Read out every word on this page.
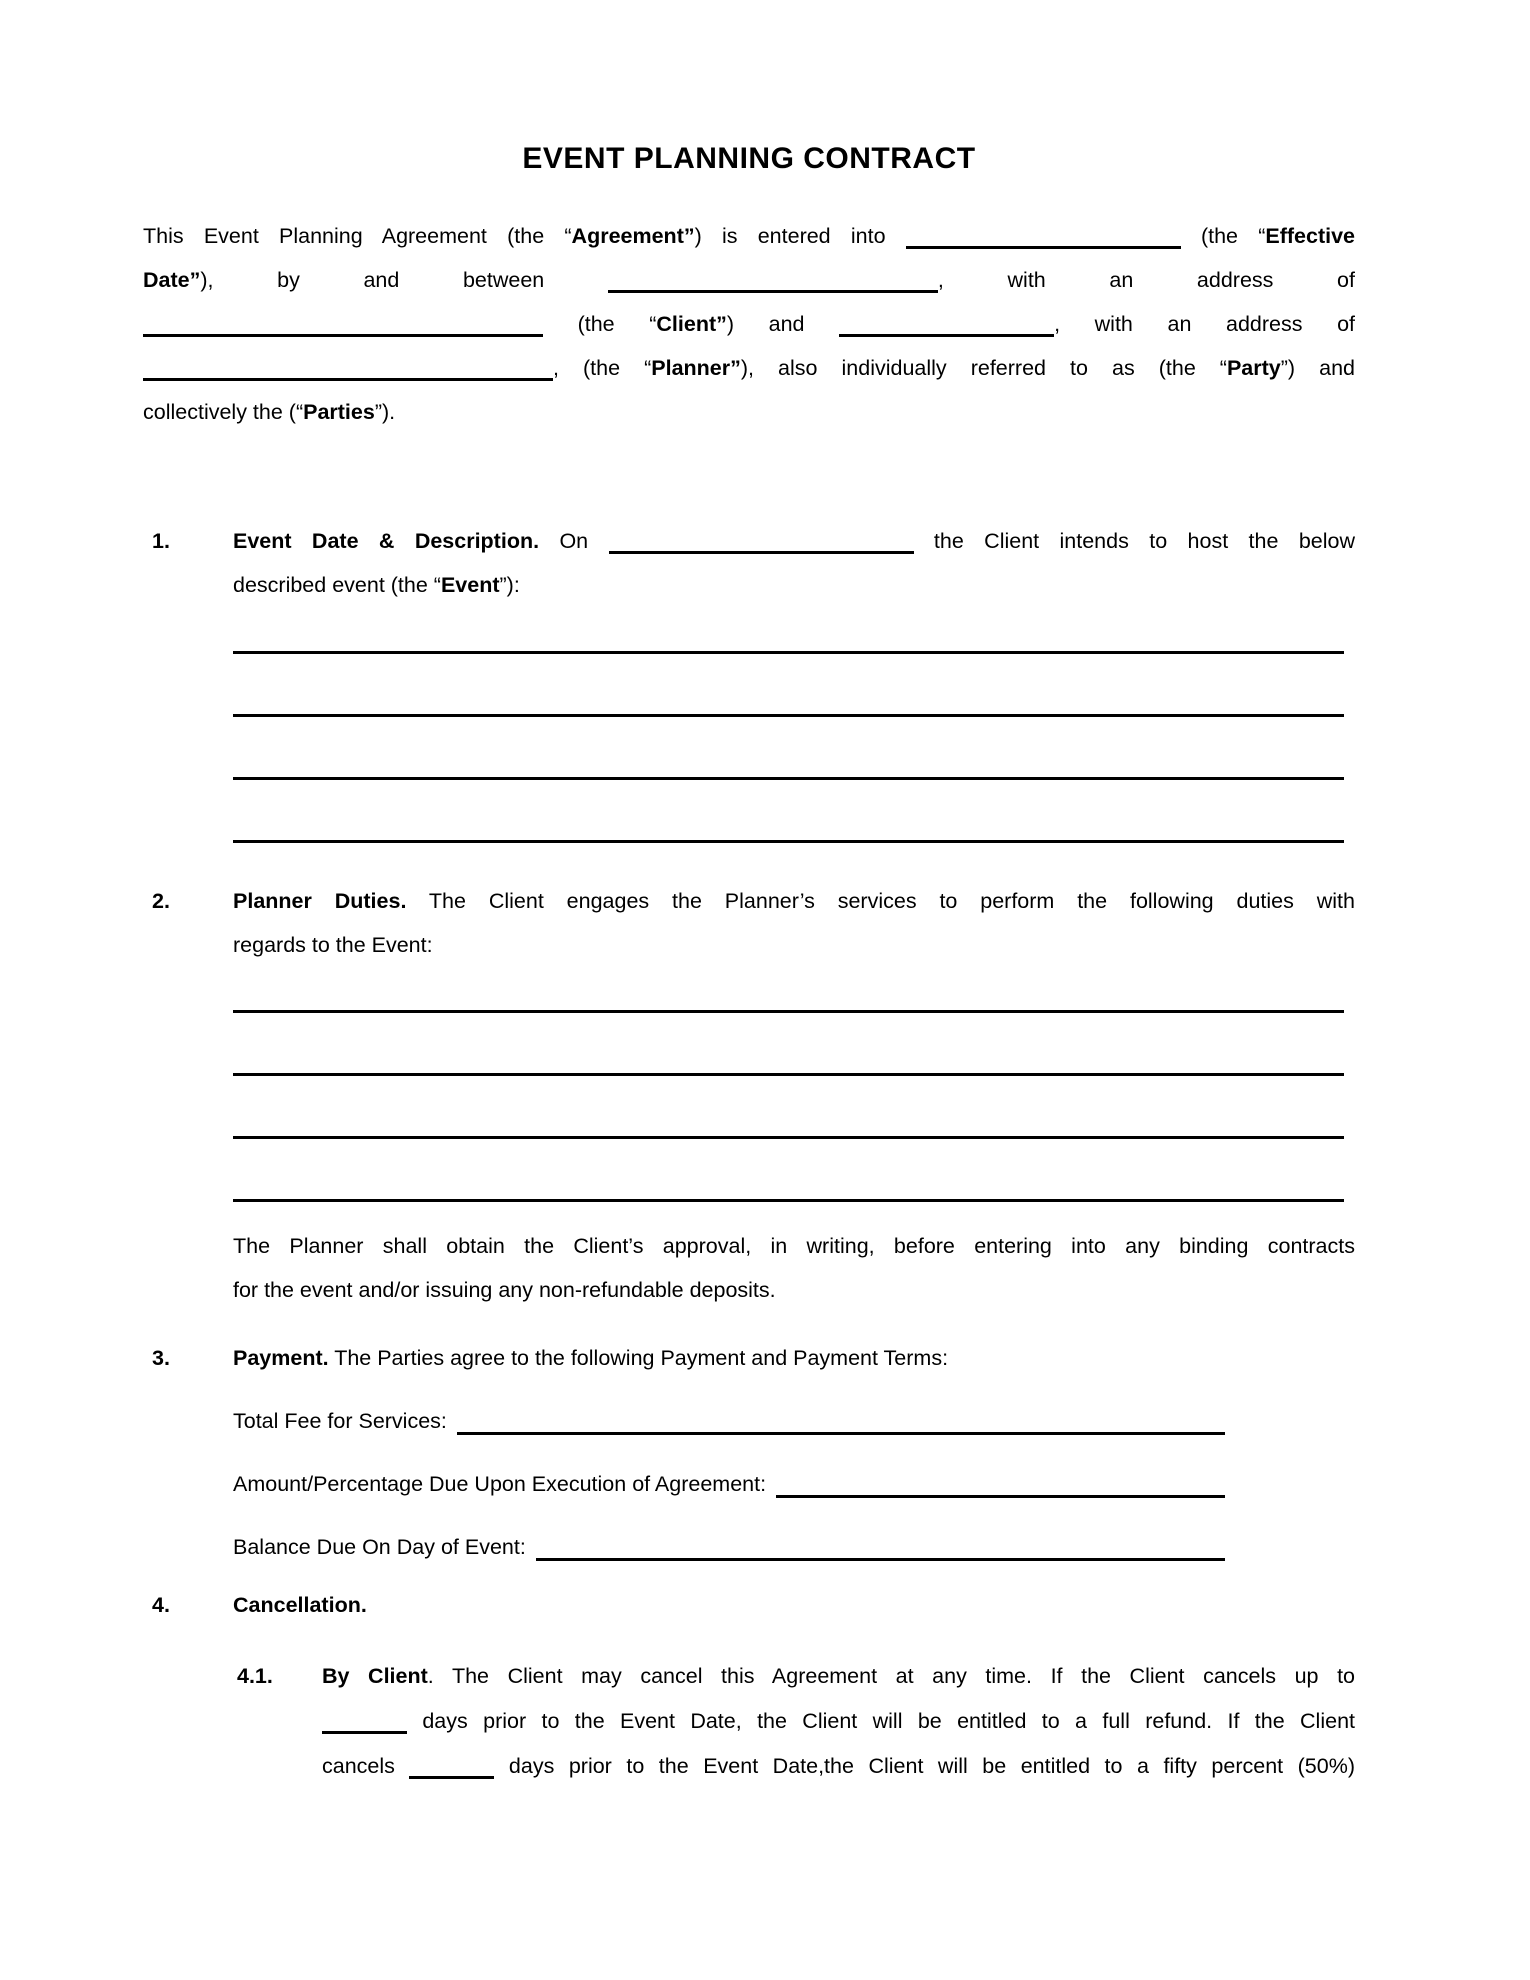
EVENT PLANNING CONTRACT
This Event Planning Agreement (the “Agreement”) is entered into	(the “Effective
Date”), by and between	, with an address of
(the “Client”) and	, with an address of
, (the “Planner”), also individually referred to as (the “Party”) and
collectively the (“Parties”).
1.	Event Date & Description. On	the Client intends to host the below
described event (the “Event”):
2.	Planner Duties. The Client engages the Planner’s services to perform the following duties with
regards to the Event:
The Planner shall obtain the Client’s approval, in writing, before entering into any binding contracts
for the event and/or issuing any non-refundable deposits.
3.	Payment. The Parties agree to the following Payment and Payment Terms:
Total Fee for Services:
Amount/Percentage Due Upon Execution of Agreement:
Balance Due On Day of Event:
4.	Cancellation.
4.1. By Client. The Client may cancel this Agreement at any time. If the Client cancels up to
days prior to the Event Date, the Client will be entitled to a full refund. If the Client
cancels	days prior to the Event Date,the Client will be entitled to a fifty percent (50%)
